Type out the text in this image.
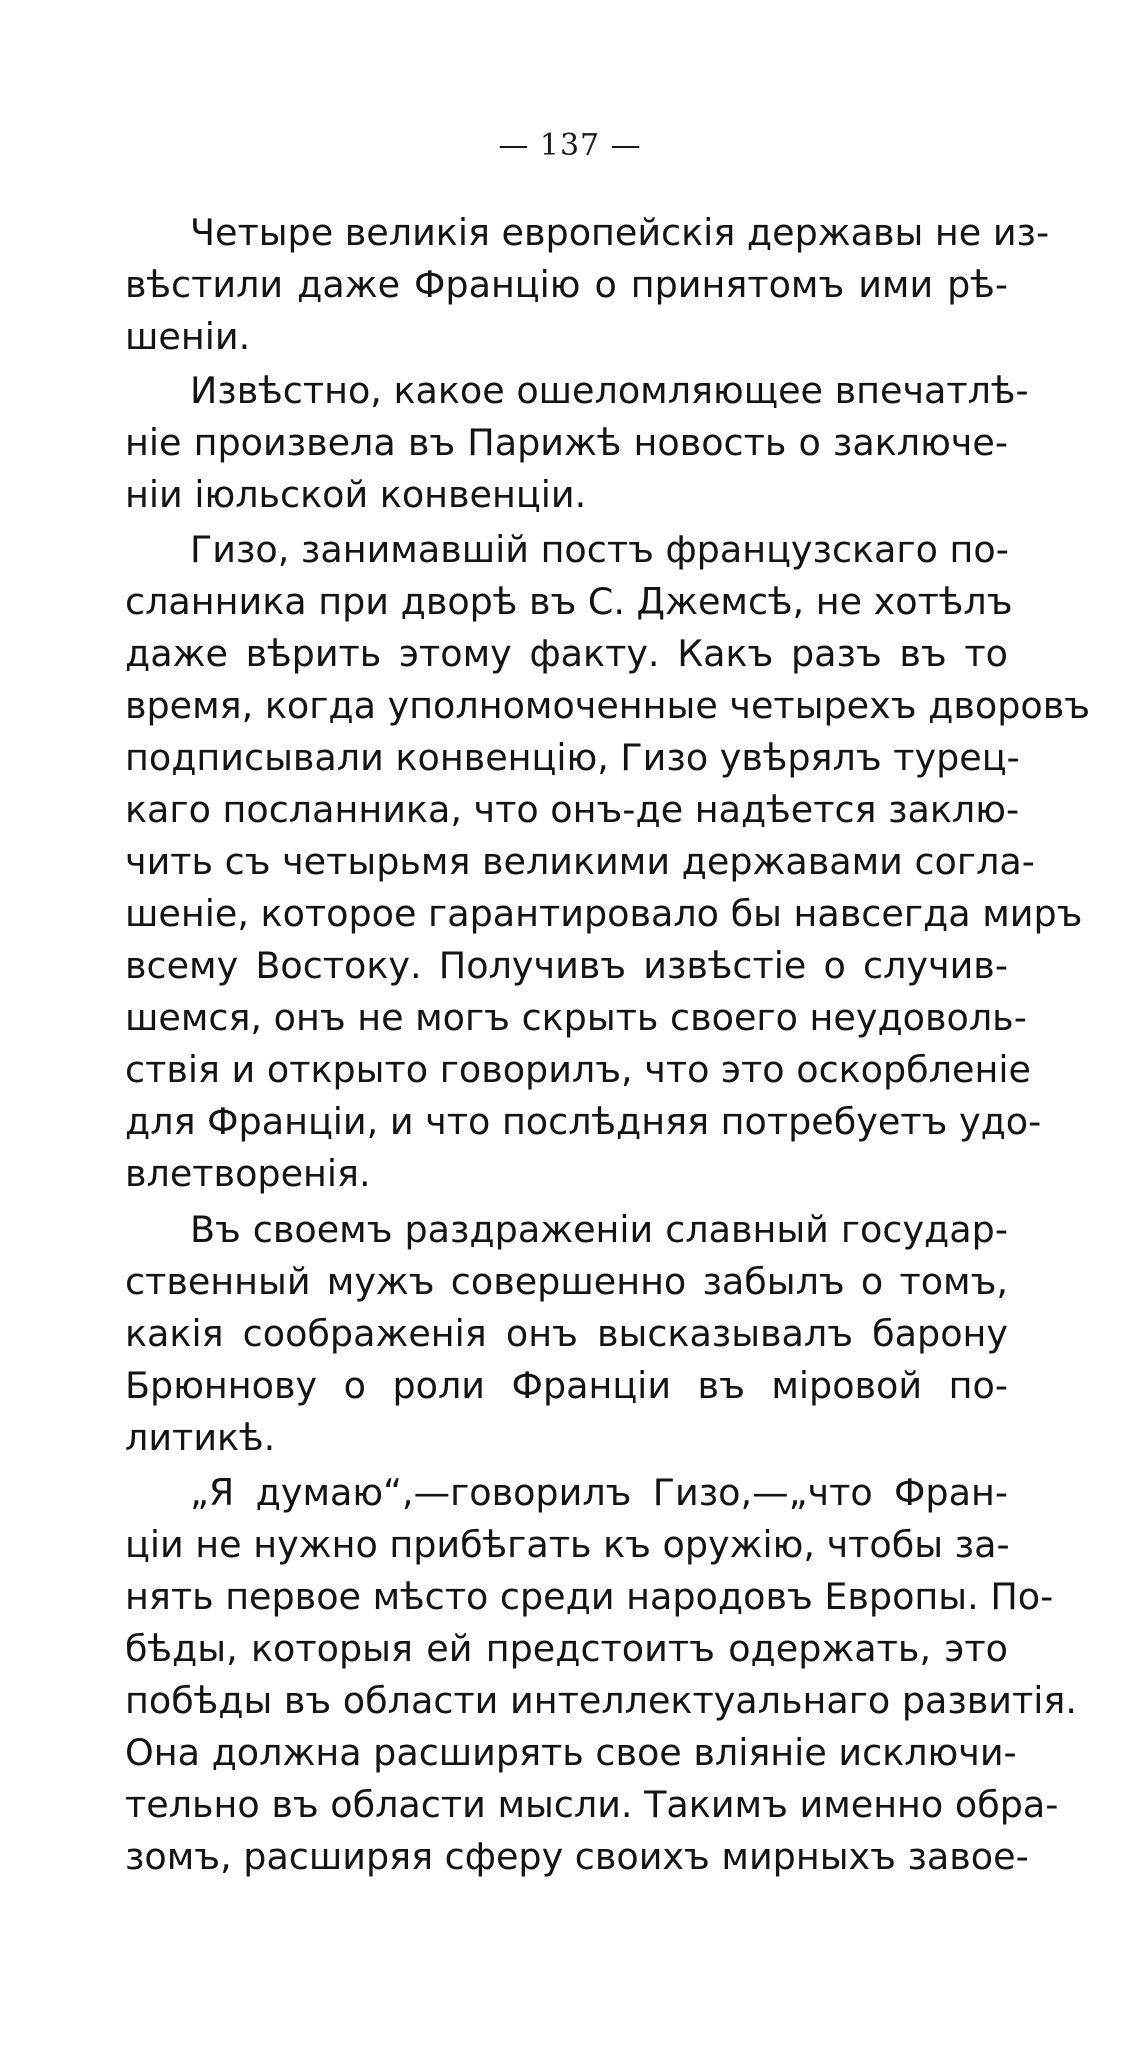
— 137 —
Четыре великiя европейскiя державы не из-
вѣстили даже Францiю о принятомъ ими рѣ-
шенiи.
Извѣстно, какое ошеломляющее впечатлѣ-
нiе произвела въ Парижѣ новость о заключе-
нiи iюльской конвенцiи.
Гизо, занимавшiй постъ французскаго по-
сланника при дворѣ въ С. Джемсѣ, не хотѣлъ
даже вѣрить этому факту. Какъ разъ въ то
время, когда уполномоченные четырехъ дворовъ
подписывали конвенцiю, Гизо увѣрялъ турец-
каго посланника, что онъ-де надѣется заклю-
чить съ четырьмя великими державами согла-
шенiе, которое гарантировало бы навсегда миръ
всему Востоку. Получивъ извѣстiе о случив-
шемся, онъ не могъ скрыть своего неудоволь-
ствiя и открыто говорилъ, что это оскорбленiе
для Францiи, и что послѣдняя потребуетъ удо-
влетворенiя.
Въ своемъ раздраженiи славный государ-
ственный мужъ совершенно забылъ о томъ,
какiя соображенiя онъ высказывалъ барону
Брюннову о роли Францiи въ мiровой по-
литикѣ.
„Я думаю“,—говорилъ Гизо,—„что Фран-
цiи не нужно прибѣгать къ оружiю, чтобы за-
нять первое мѣсто среди народовъ Европы. По-
бѣды, которыя ей предстоитъ одержать, это
побѣды въ области интеллектуальнаго развитiя.
Она должна расширять свое влiянiе исключи-
тельно въ области мысли. Такимъ именно обра-
зомъ, расширяя сферу своихъ мирныхъ завое-
